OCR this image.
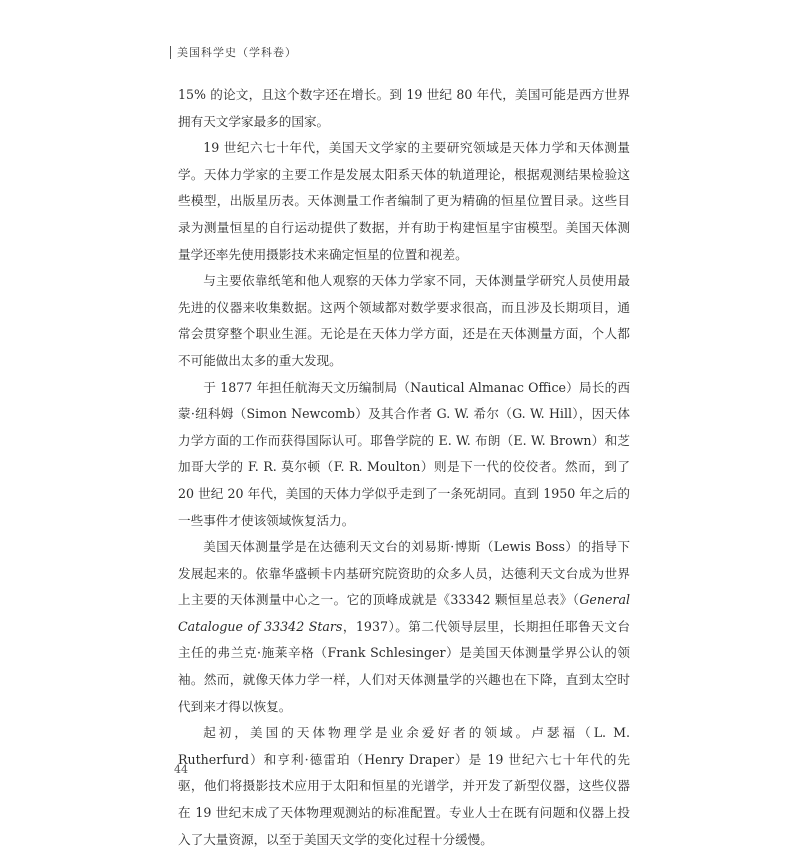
美国科学史（学科卷）

15% 的论文，且这个数字还在增长。到 19 世纪 80 年代，美国可能是西方世界拥有天文学家最多的国家。

19 世纪六七十年代，美国天文学家的主要研究领域是天体力学和天体测量学。天体力学家的主要工作是发展太阳系天体的轨道理论，根据观测结果检验这些模型，出版星历表。天体测量工作者编制了更为精确的恒星位置目录。这些目录为测量恒星的自行运动提供了数据，并有助于构建恒星宇宙模型。美国天体测量学还率先使用摄影技术来确定恒星的位置和视差。

与主要依靠纸笔和他人观察的天体力学家不同，天体测量学研究人员使用最先进的仪器来收集数据。这两个领域都对数学要求很高，而且涉及长期项目，通常会贯穿整个职业生涯。无论是在天体力学方面，还是在天体测量方面，个人都不可能做出太多的重大发现。

于 1877 年担任航海天文历编制局（Nautical Almanac Office）局长的西蒙·纽科姆（Simon Newcomb）及其合作者 G. W. 希尔（G. W. Hill），因天体力学方面的工作而获得国际认可。耶鲁学院的 E. W. 布朗（E. W. Brown）和芝加哥大学的 F. R. 莫尔顿（F. R. Moulton）则是下一代的佼佼者。然而，到了 20 世纪 20 年代，美国的天体力学似乎走到了一条死胡同。直到 1950 年之后的一些事件才使该领域恢复活力。

美国天体测量学是在达德利天文台的刘易斯·博斯（Lewis Boss）的指导下发展起来的。依靠华盛顿卡内基研究院资助的众多人员，达德利天文台成为世界上主要的天体测量中心之一。它的顶峰成就是《33342 颗恒星总表》（General Catalogue of 33342 Stars，1937）。第二代领导层里，长期担任耶鲁天文台主任的弗兰克·施莱辛格（Frank Schlesinger）是美国天体测量学界公认的领袖。然而，就像天体力学一样，人们对天体测量学的兴趣也在下降，直到太空时代到来才得以恢复。

起初，美国的天体物理学是业余爱好者的领域。卢瑟福（L. M. Rutherfurd）和亨利·德雷珀（Henry Draper）是 19 世纪六七十年代的先驱，他们将摄影技术应用于太阳和恒星的光谱学，并开发了新型仪器，这些仪器在 19 世纪末成了天体物理观测站的标准配置。专业人士在既有问题和仪器上投入了大量资源，以至于美国天文学的变化过程十分缓慢。

44
